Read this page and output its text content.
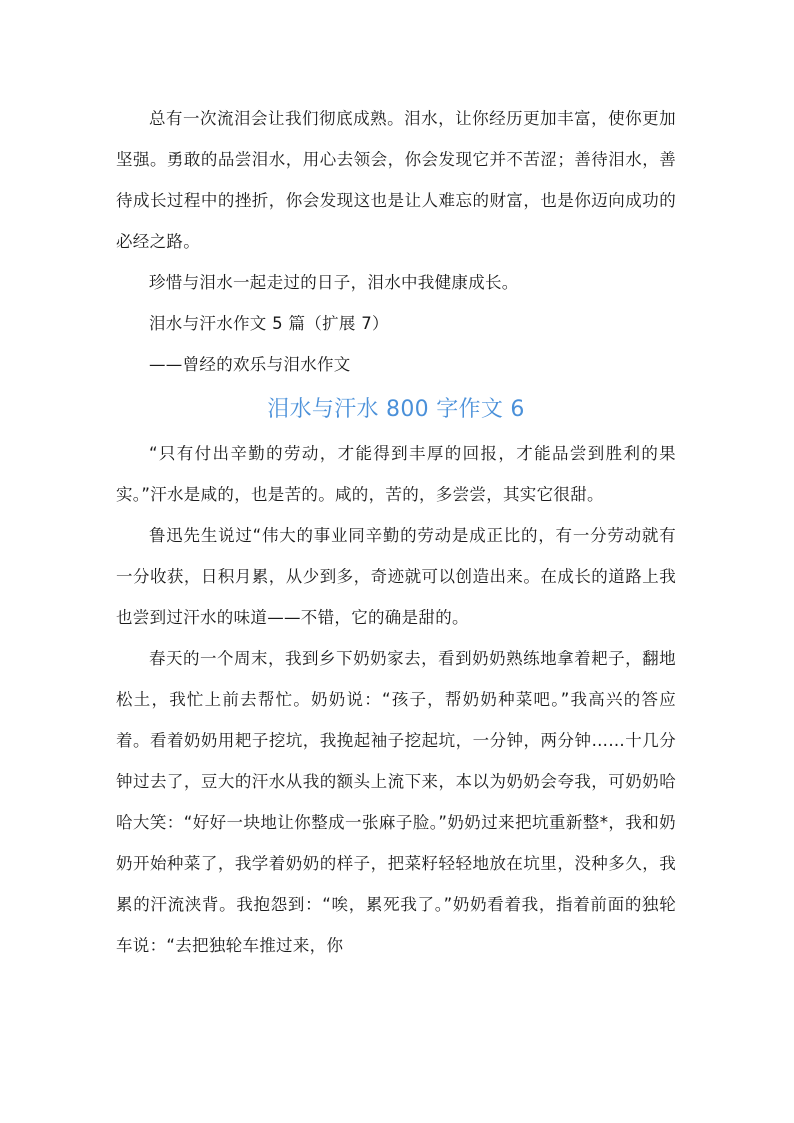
总有一次流泪会让我们彻底成熟。泪水，让你经历更加丰富，使你更加坚强。勇敢的品尝泪水，用心去领会，你会发现它并不苦涩；善待泪水，善待成长过程中的挫折，你会发现这也是让人难忘的财富，也是你迈向成功的必经之路。

珍惜与泪水一起走过的日子，泪水中我健康成长。

泪水与汗水作文 5 篇（扩展 7）

——曾经的欢乐与泪水作文

泪水与汗水 800 字作文 6

“只有付出辛勤的劳动，才能得到丰厚的回报，才能品尝到胜利的果实。”汗水是咸的，也是苦的。咸的，苦的，多尝尝，其实它很甜。

鲁迅先生说过“伟大的事业同辛勤的劳动是成正比的，有一分劳动就有一分收获，日积月累，从少到多，奇迹就可以创造出来。在成长的道路上我也尝到过汗水的味道——不错，它的确是甜的。

春天的一个周末，我到乡下奶奶家去，看到奶奶熟练地拿着耙子，翻地松土，我忙上前去帮忙。奶奶说：“孩子，帮奶奶种菜吧。”我高兴的答应着。看着奶奶用耙子挖坑，我挽起袖子挖起坑，一分钟，两分钟……十几分钟过去了，豆大的汗水从我的额头上流下来，本以为奶奶会夸我，可奶奶哈哈大笑：“好好一块地让你整成一张麻子脸。”奶奶过来把坑重新整*，我和奶奶开始种菜了，我学着奶奶的样子，把菜籽轻轻地放在坑里，没种多久，我累的汗流浃背。我抱怨到：“唉，累死我了。”奶奶看着我，指着前面的独轮车说：“去把独轮车推过来，你
